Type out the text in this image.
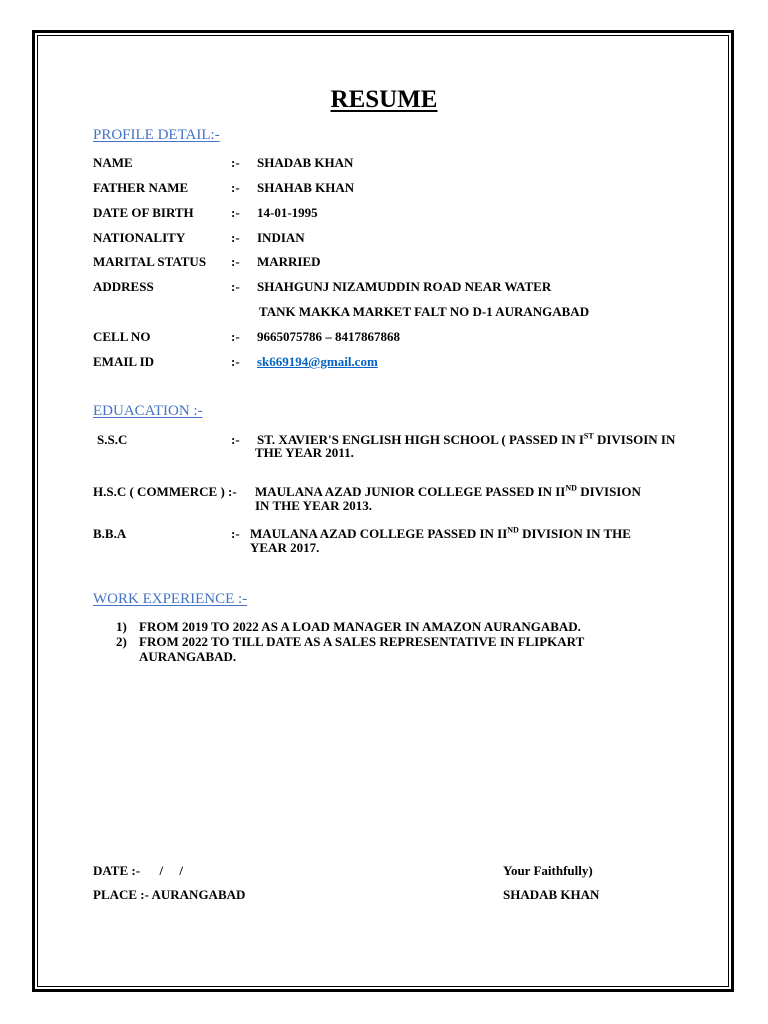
RESUME
PROFILE DETAIL:-
NAME	:- SHADAB KHAN
FATHER NAME	:- SHAHAB KHAN
DATE OF BIRTH	:- 14-01-1995
NATIONALITY	:- INDIAN
MARITAL STATUS :- MARRIED
ADDRESS	:- SHAHGUNJ NIZAMUDDIN ROAD NEAR WATER
TANK MAKKA MARKET FALT NO D-1 AURANGABAD
CELL NO	:- 9665075786 – 8417867868
EMAIL ID	:- sk669194@gmail.com
EDUACATION :-
S.S.C	:- ST. XAVIER'S ENGLISH HIGH SCHOOL ( PASSED IN IST DIVISOIN IN
THE YEAR 2011.
H.S.C ( COMMERCE ) :- MAULANA AZAD JUNIOR COLLEGE PASSED IN IIND DIVISION
IN THE YEAR 2013.
B.B.A	:- MAULANA AZAD COLLEGE PASSED IN IIND DIVISION IN THE
YEAR 2017.
WORK EXPERIENCE :-
1) FROM 2019 TO 2022 AS A LOAD MANAGER IN AMAZON AURANGABAD.
2) FROM 2022 TO TILL DATE AS A SALES REPRESENTATIVE IN FLIPKART
AURANGABAD.
DATE :-      /     /
PLACE :- AURANGABAD
Your Faithfully)
SHADAB KHAN
